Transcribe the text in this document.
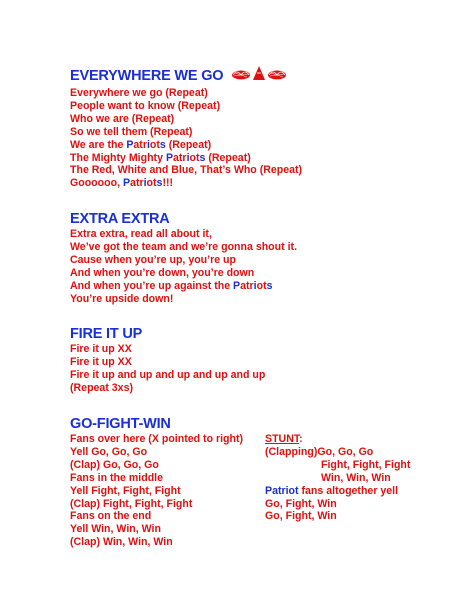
EVERYWHERE WE GO
Everywhere we go (Repeat)
People want to know (Repeat)
Who we are (Repeat)
So we tell them (Repeat)
We are the Patriots (Repeat)
The Mighty Mighty Patriots (Repeat)
The Red, White and Blue, That’s Who (Repeat)
Goooooo, Patriots!!!
EXTRA EXTRA
Extra extra, read all about it,
We’ve got the team and we’re gonna shout it.
Cause when you’re up, you’re up
And when you’re down, you’re down
And when you’re up against the Patriots
You’re upside down!
FIRE IT UP
Fire it up XX
Fire it up XX
Fire it up and up and up and up and up
(Repeat 3xs)
GO-FIGHT-WIN
Fans over here (X pointed to right)
Yell Go, Go, Go
(Clap) Go, Go, Go
Fans in the middle
Yell Fight, Fight, Fight
(Clap) Fight, Fight, Fight
Fans on the end
Yell Win, Win, Win
(Clap) Win, Win, Win
STUNT:
(Clapping)Go, Go, Go
Fight, Fight, Fight
Win, Win, Win
Patriot fans altogether yell
Go, Fight, Win
Go, Fight, Win
